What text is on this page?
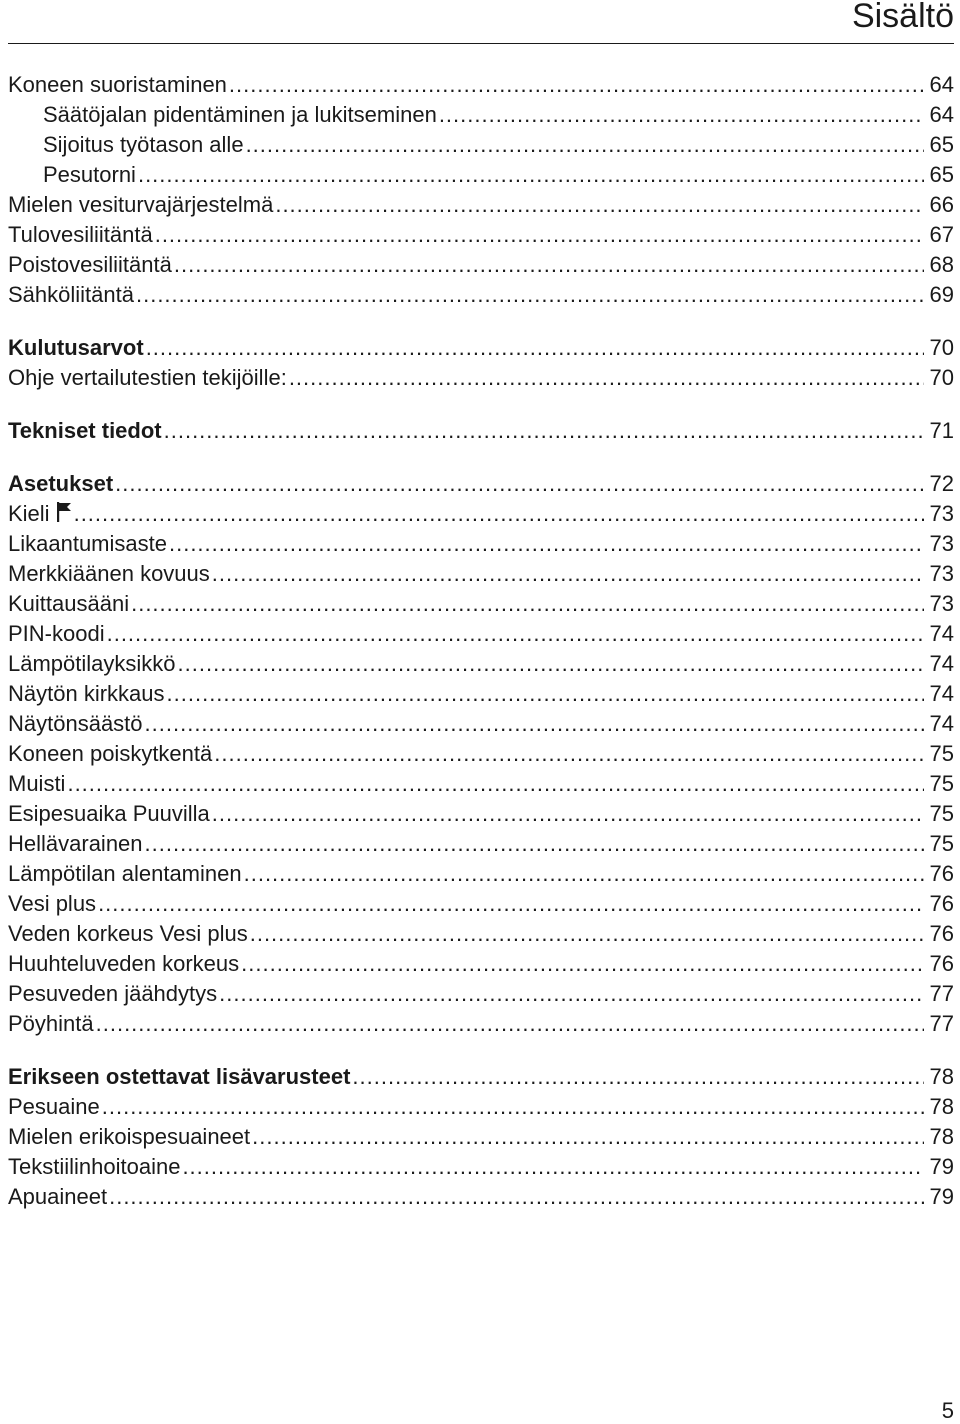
Sisältö
Koneen suoristaminen .....	64
Säätöjalan pidentäminen ja lukitseminen .....	64
Sijoitus työtason alle .....	65
Pesutorni .....	65
Mielen vesiturvajärjestelmä .....	66
Tulovesiliitäntä .....	67
Poistovesiliitäntä .....	68
Sähköliitäntä .....	69
Kulutusarvot .....	70
Ohje vertailutestien tekijöille: .....	70
Tekniset tiedot .....	71
Asetukset .....	72
Kieli .....	73
Likaantumisaste .....	73
Merkkiäänen kovuus .....	73
Kuittausääni .....	73
PIN-koodi .....	74
Lämpötilayksikkö .....	74
Näytön kirkkaus .....	74
Näytönsäästö .....	74
Koneen poiskytkentä .....	75
Muisti .....	75
Esipesuaika Puuvilla .....	75
Hellävarainen .....	75
Lämpötilan alentaminen .....	76
Vesi plus .....	76
Veden korkeus Vesi plus .....	76
Huuhteluveden korkeus .....	76
Pesuveden jäähdytys .....	77
Pöyhintä .....	77
Erikseen ostettavat lisävarusteet .....	78
Pesuaine .....	78
Mielen erikoispesuaineet .....	78
Tekstiilinhoitoaine .....	79
Apuaineet .....	79
5
